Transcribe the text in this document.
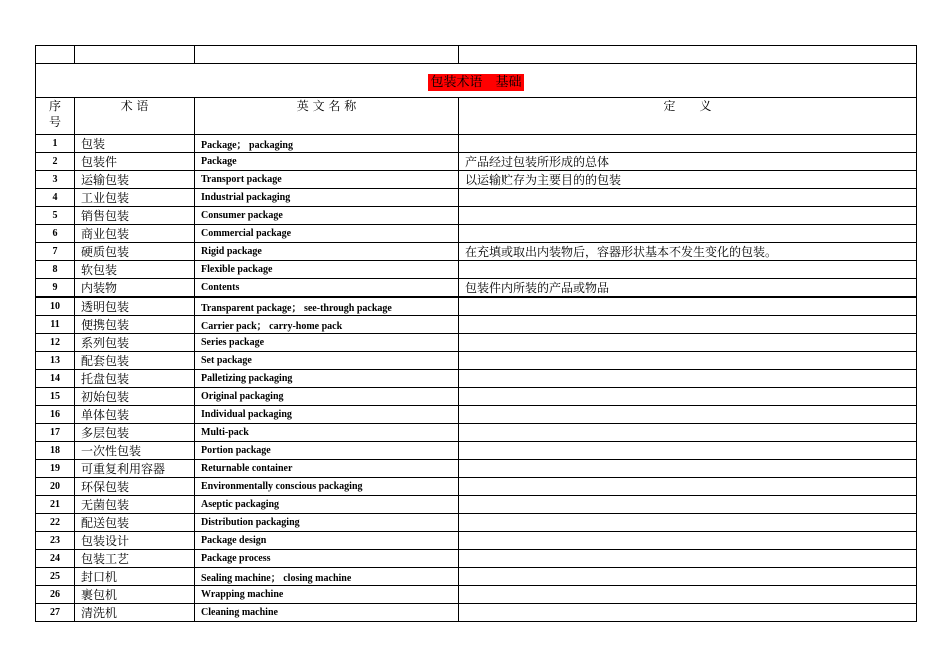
包装术语　基础			
序号	术 语	英 文 名 称	定　　义
1	包装	Package； packaging	
2	包装件	Package	产品经过包装所形成的总体
3	运输包装	Transport package	以运输贮存为主要目的的包装
4	工业包装	Industrial packaging	
5	销售包装	Consumer package	
6	商业包装	Commercial package	
7	硬质包装	Rigid package	在充填或取出内装物后，容器形状基本不发生变化的包装。
8	软包装	Flexible package	
9	内装物	Contents	包装件内所装的产品或物品
10	透明包装	Transparent package； see-through package	
11	便携包装	Carrier pack； carry-home pack	
12	系列包装	Series package	
13	配套包装	Set package	
14	托盘包装	Palletizing packaging	
15	初始包装	Original packaging	
16	单体包装	Individual packaging	
17	多层包装	Multi-pack	
18	一次性包装	Portion package	
19	可重复利用容器	Returnable container	
20	环保包装	Environmentally conscious packaging	
21	无菌包装	Aseptic packaging	
22	配送包装	Distribution packaging	
23	包装设计	Package design	
24	包装工艺	Package process	
25	封口机	Sealing machine； closing machine	
26	裹包机	Wrapping machine	
27	清洗机	Cleaning machine	
